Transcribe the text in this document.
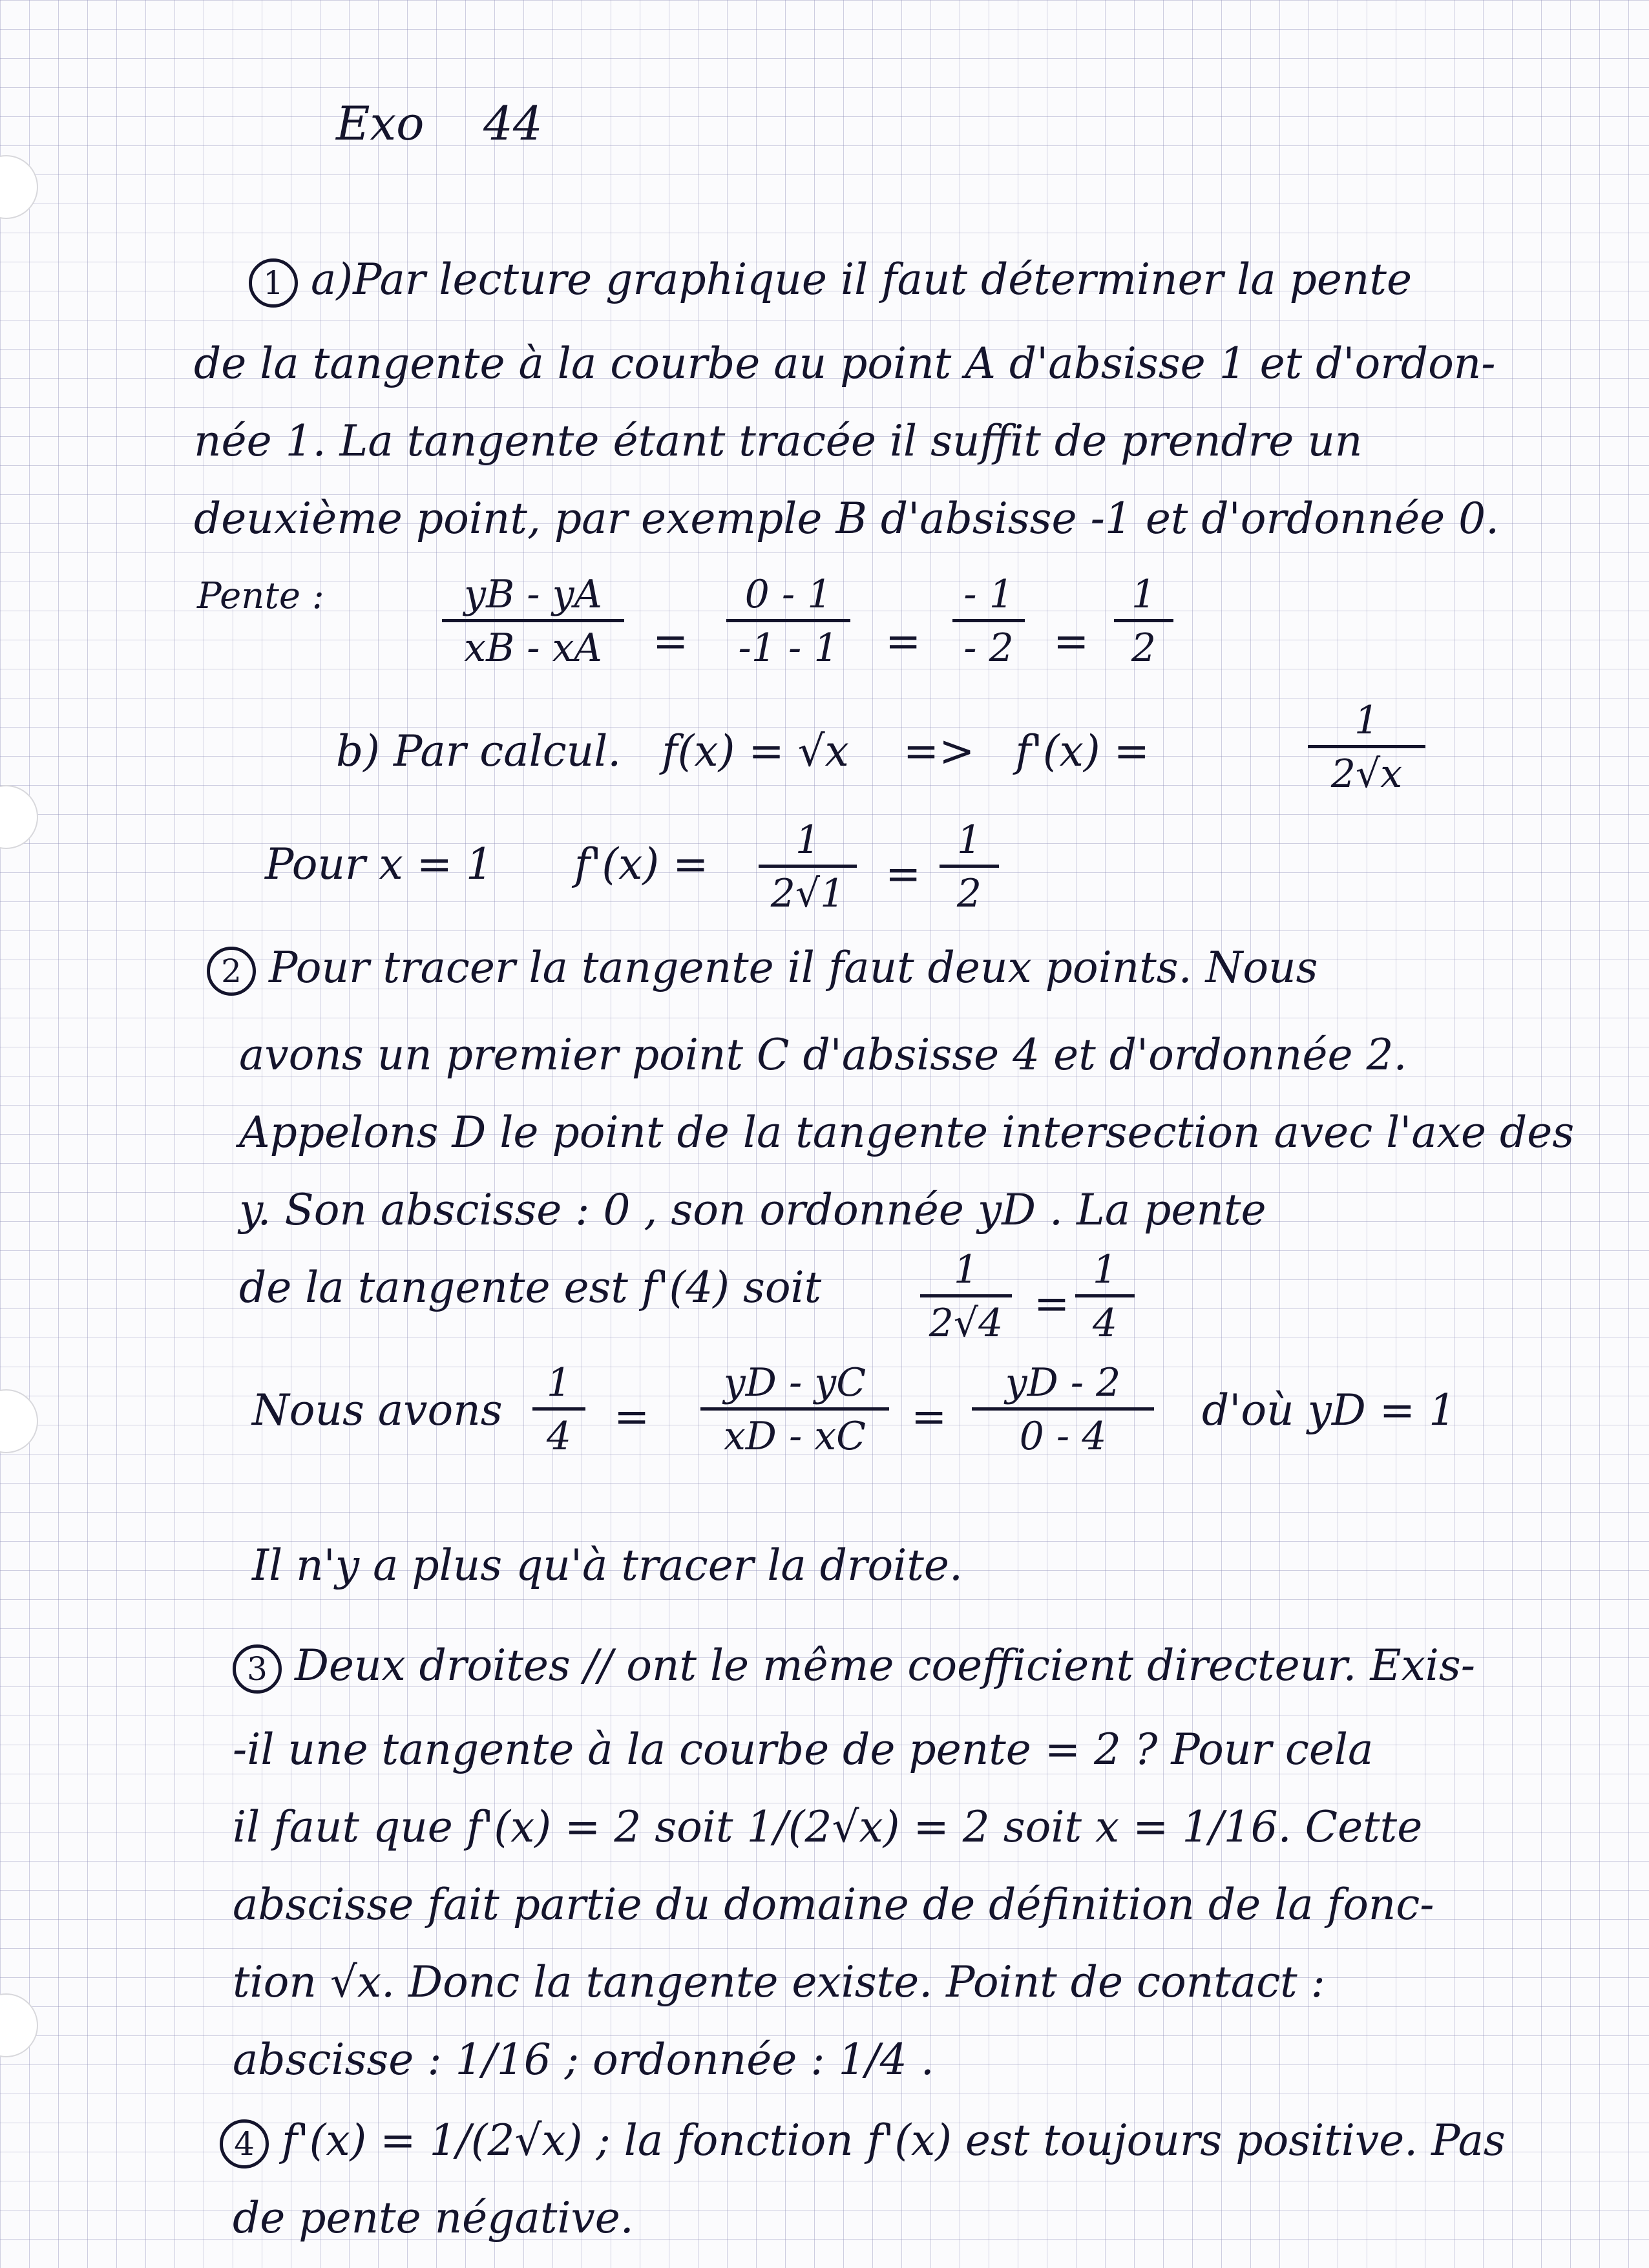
Exo    44
1 a)Par lecture graphique il faut déterminer la pente
de la tangente à la courbe au point A d'absisse 1 et d'ordon-
née 1. La tangente étant tracée il suffit de prendre un
deuxième point, par exemple B d'absisse -1 et d'ordonnée 0.
Pente :	yB - yA
xB - xA	=
0 - 1
-1 - 1	=
- 1
- 2 =
1
2
b) Par calcul.   f(x) = √x    =>   f'(x) =
1
2√x
Pour x = 1      f'(x) =	1
2√1 =
1
2
2 Pour tracer la tangente il faut deux points. Nous
avons un premier point C d'absisse 4 et d'ordonnée 2.
Appelons D le point de la tangente intersection avec l'axe des
y. Son abscisse : 0 , son ordonnée yD . La pente
de la tangente est f'(4) soit	1
2√4 =
1
4
Nous avons
1
4 =
yD - yC
xD - xC	=
yD - 2
0 - 4
d'où yD = 1
Il n'y a plus qu'à tracer la droite.
3 Deux droites // ont le même coefficient directeur. Exis-
-il une tangente à la courbe de pente = 2 ? Pour cela
il faut que f'(x) = 2 soit 1/(2√x) = 2 soit x = 1/16. Cette
abscisse fait partie du domaine de définition de la fonc-
tion √x. Donc la tangente existe. Point de contact :
abscisse : 1/16 ; ordonnée : 1/4 .
4 f'(x) = 1/(2√x) ; la fonction f'(x) est toujours positive. Pas
de pente négative.
